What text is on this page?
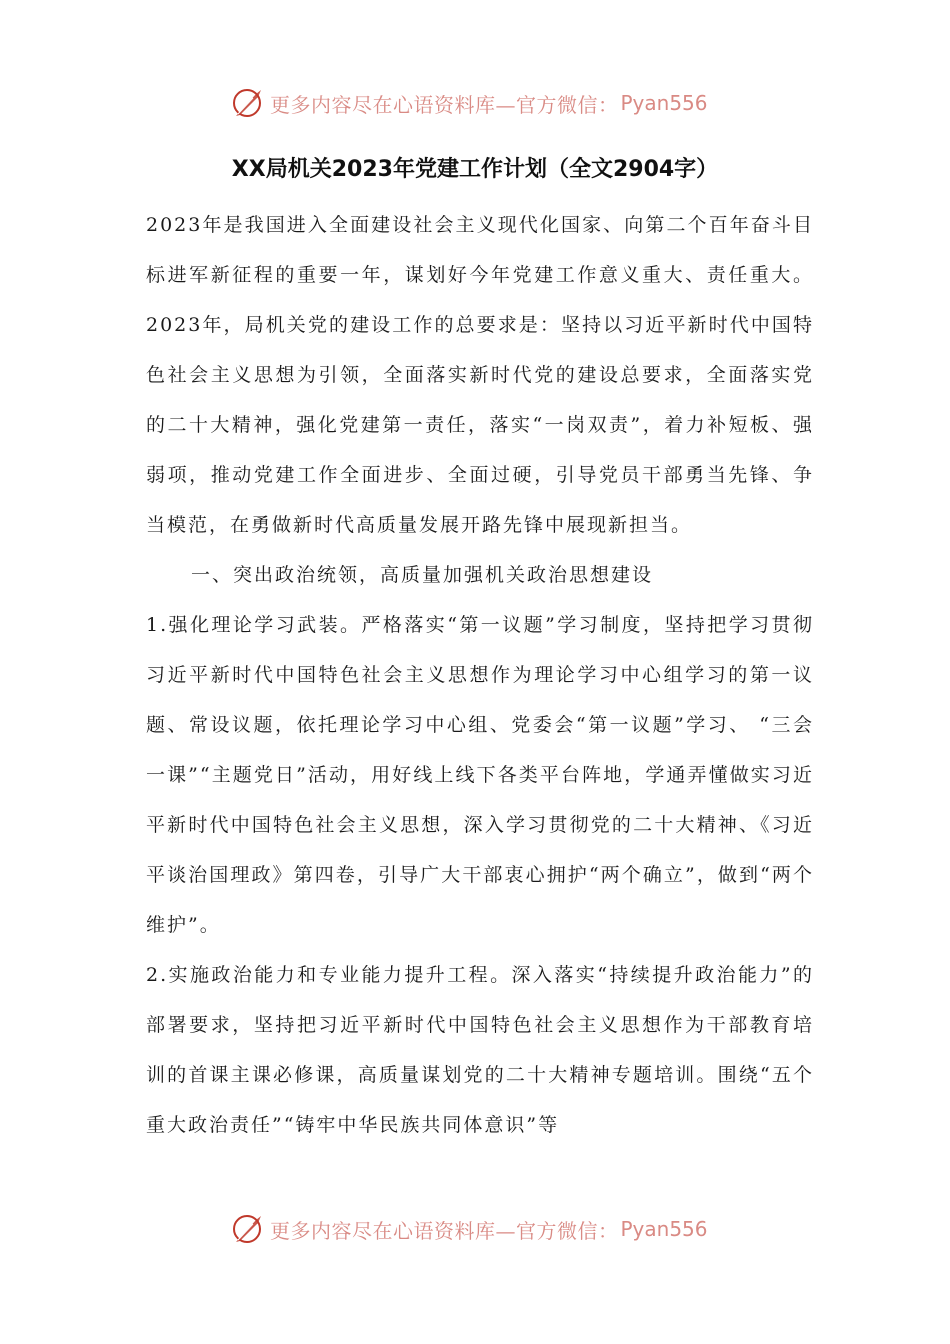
更多内容尽在心语资料库—官方微信： Pyan556
XX局机关2023年党建工作计划（全文2904字）

2023年是我国进入全面建设社会主义现代化国家、向第二个百年奋斗目标进军新征程的重要一年，谋划好今年党建工作意义重大、责任重大。2023年，局机关党的建设工作的总要求是：坚持以习近平新时代中国特色社会主义思想为引领，全面落实新时代党的建设总要求，全面落实党的二十大精神，强化党建第一责任，落实“一岗双责”，着力补短板、强弱项，推动党建工作全面进步、全面过硬，引导党员干部勇当先锋、争当模范，在勇做新时代高质量发展开路先锋中展现新担当。

一、突出政治统领，高质量加强机关政治思想建设

1.强化理论学习武装。严格落实“第一议题”学习制度，坚持把学习贯彻习近平新时代中国特色社会主义思想作为理论学习中心组学习的第一议题、常设议题，依托理论学习中心组、党委会“第一议题”学习、 “三会一课”“主题党日”活动，用好线上线下各类平台阵地，学通弄懂做实习近平新时代中国特色社会主义思想，深入学习贯彻党的二十大精神、《习近平谈治国理政》第四卷，引导广大干部衷心拥护“两个确立”，做到“两个维护”。

2.实施政治能力和专业能力提升工程。深入落实“持续提升政治能力”的部署要求，坚持把习近平新时代中国特色社会主义思想作为干部教育培训的首课主课必修课，高质量谋划党的二十大精神专题培训。围绕“五个重大政治责任”“铸牢中华民族共同体意识”等

更多内容尽在心语资料库—官方微信： Pyan556
